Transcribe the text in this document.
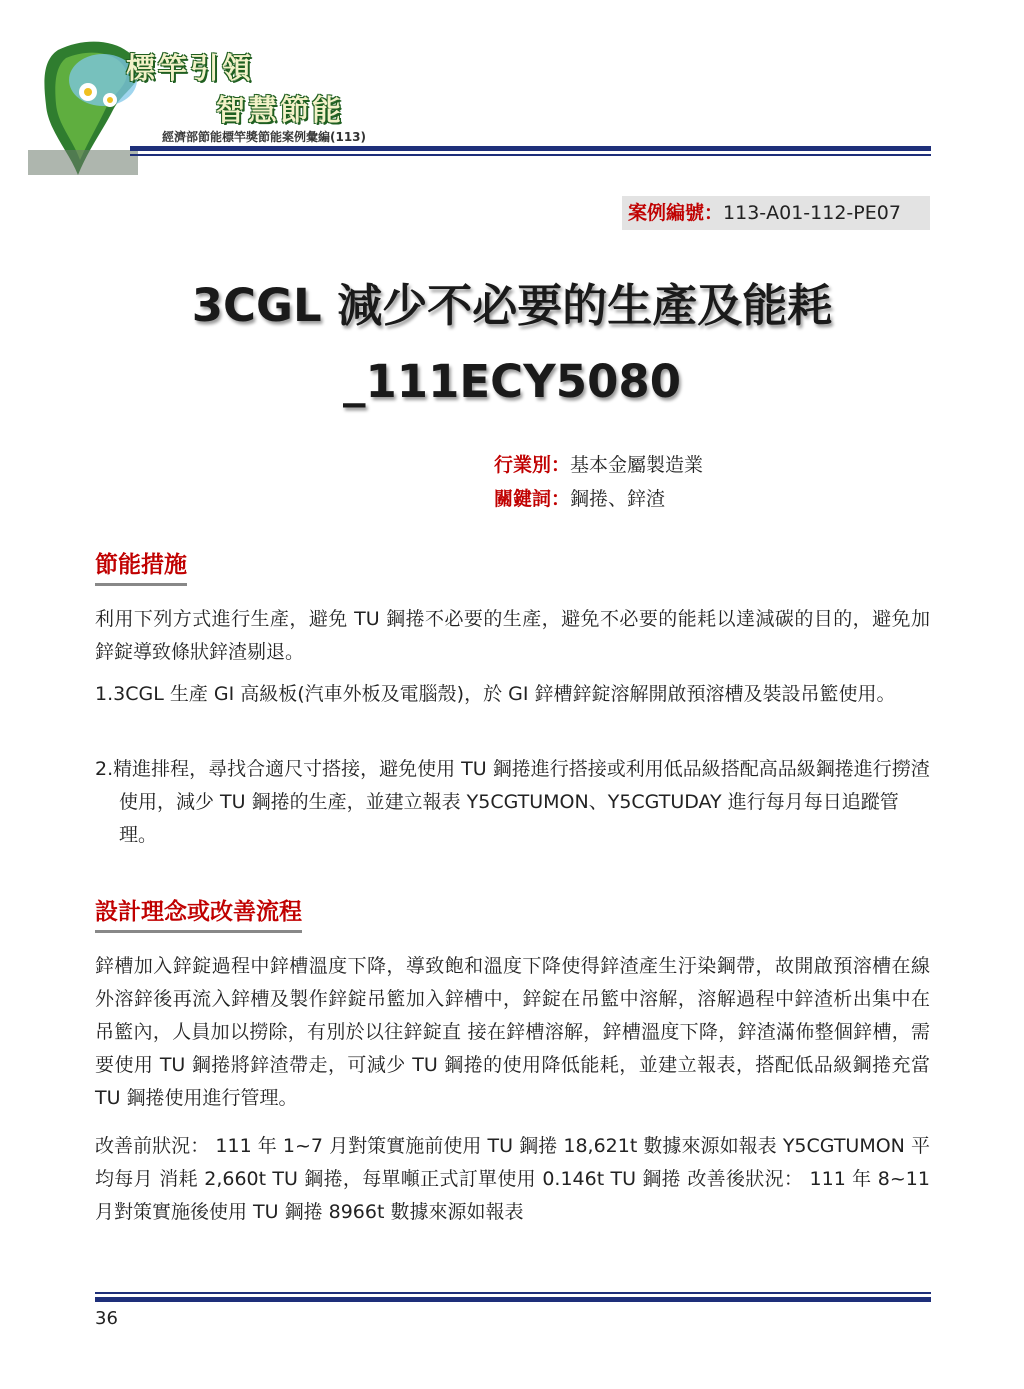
標竿引領
智慧節能
經濟部節能標竿獎節能案例彙編(113)
案例編號：113-A01-112-PE07
3CGL 減少不必要的生產及能耗
_111ECY5080
行業別：基本金屬製造業
關鍵詞：鋼捲、鋅渣
節能措施
利用下列方式進行生產，避免 TU 鋼捲不必要的生產，避免不必要的能耗以達減碳的目的，避免加鋅錠導致條狀鋅渣剔退。
1.3CGL 生產 GI 高級板(汽車外板及電腦殼)，於 GI 鋅槽鋅錠溶解開啟預溶槽及裝設吊籃使用。
2.精進排程，尋找合適尺寸搭接，避免使用 TU 鋼捲進行搭接或利用低品級搭配高品級鋼捲進行撈渣使用，減少 TU 鋼捲的生產，並建立報表 Y5CGTUMON、Y5CGTUDAY 進行每月每日追蹤管理。
設計理念或改善流程
鋅槽加入鋅錠過程中鋅槽溫度下降，導致飽和溫度下降使得鋅渣產生汙染鋼帶，故開啟預溶槽在線外溶鋅後再流入鋅槽及製作鋅錠吊籃加入鋅槽中，鋅錠在吊籃中溶解，溶解過程中鋅渣析出集中在吊籃內，人員加以撈除，有別於以往鋅錠直 接在鋅槽溶解，鋅槽溫度下降，鋅渣滿佈整個鋅槽，需要使用 TU 鋼捲將鋅渣帶走，可減少 TU 鋼捲的使用降低能耗，並建立報表，搭配低品級鋼捲充當 TU 鋼捲使用進行管理。
改善前狀況： 111 年 1~7 月對策實施前使用 TU 鋼捲 18,621t 數據來源如報表 Y5CGTUMON 平均每月 消耗 2,660t TU 鋼捲，每單噸正式訂單使用 0.146t TU 鋼捲 改善後狀況： 111 年 8~11 月對策實施後使用 TU 鋼捲 8966t 數據來源如報表
36
